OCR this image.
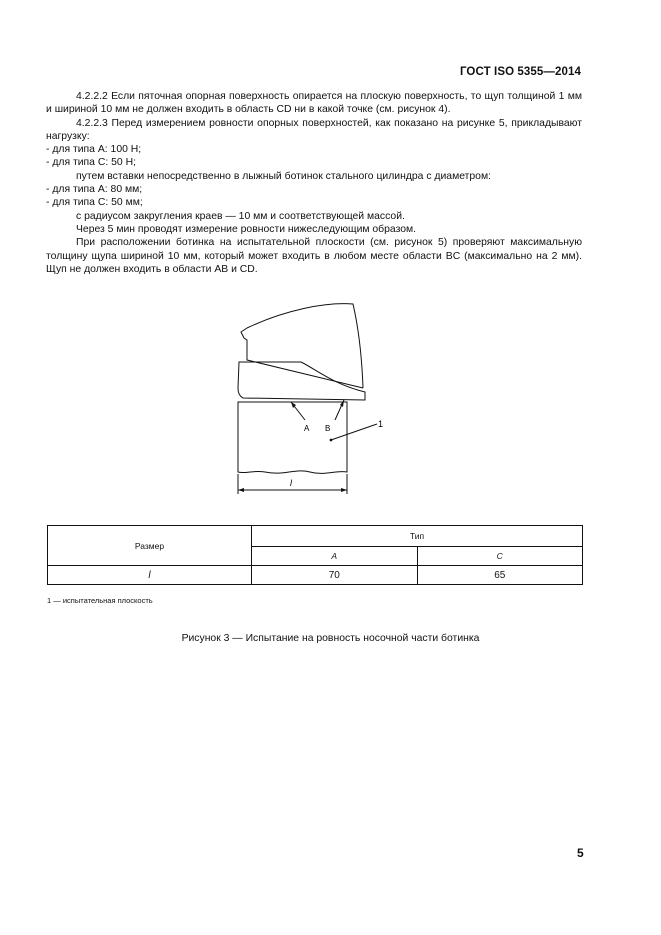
ГОСТ ISO 5355—2014

4.2.2.2 Если пяточная опорная поверхность опирается на плоскую поверхность, то щуп толщиной 1 мм и шириной 10 мм не должен входить в область CD ни в какой точке (см. рисунок 4).

4.2.2.3 Перед измерением ровности опорных поверхностей, как показано на рисунке 5, прикладывают нагрузку:

- для типа A: 100 Н;

- для типа C: 50 Н;

путем вставки непосредственно в лыжный ботинок стального цилиндра с диаметром:

- для типа A: 80 мм;

- для типа C: 50 мм;

с радиусом закругления краев — 10 мм и соответствующей массой.

Через 5 мин проводят измерение ровности нижеследующим образом.

При расположении ботинка на испытательной плоскости (см. рисунок 5) проверяют максимальную толщину щупа шириной 10 мм, который может входить в любом месте области BC (максимально на 2 мм). Щуп не должен входить в области AB и CD.

A B	1
l
Размер	Тип	
	A	C
l	70	65
1 — испытательная плоскость
Рисунок 3 — Испытание на ровность носочной части ботинка
5
